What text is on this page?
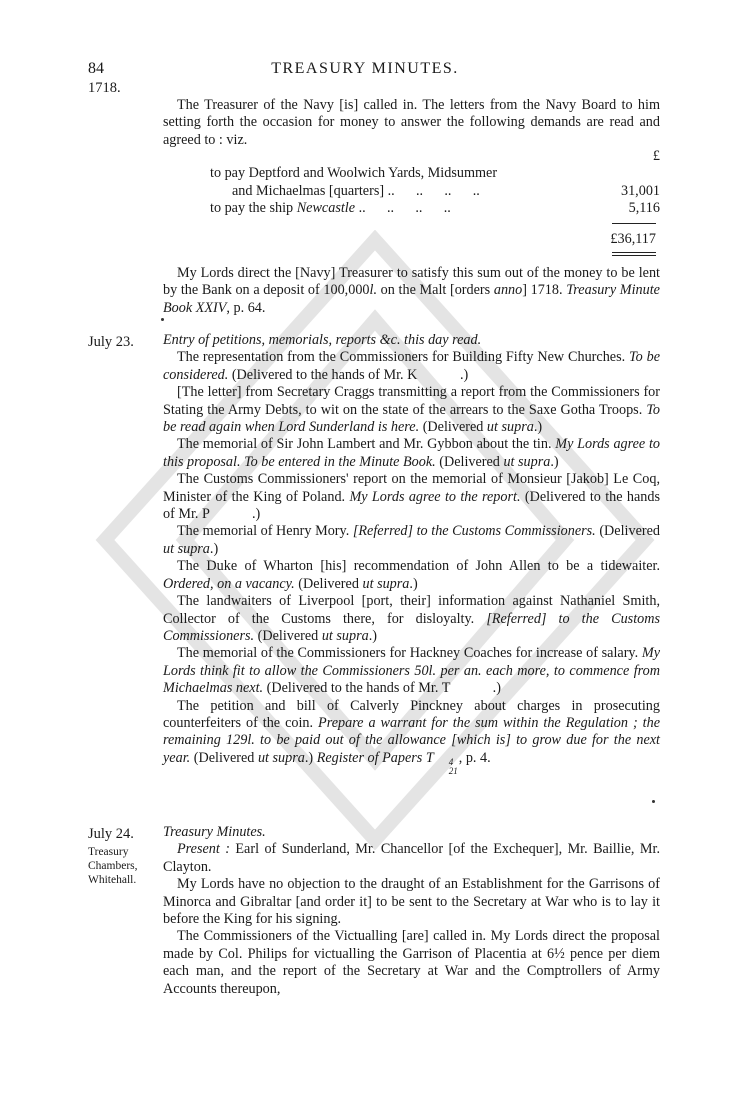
84	TREASURY MINUTES.
1718.

The Treasurer of the Navy [is] called in. The letters from the Navy Board to him setting forth the occasion for money to answer the following demands are read and agreed to : viz.

£
to pay Deptford and Woolwich Yards, Midsummer
and Michaelmas [quarters] ..      ..      ..      ..	31,001
to pay the ship Newcastle ..      ..      ..      ..	5,116
£36,117

My Lords direct the [Navy] Treasurer to satisfy this sum out of the money to be lent by the Bank on a deposit of 100,000l. on the Malt [orders anno] 1718. Treasury Minute Book XXIV, p. 64.

July 23. Entry of petitions, memorials, reports &c. this day read.

The representation from the Commissioners for Building Fifty New Churches. To be considered. (Delivered to the hands of Mr. K            .)

[The letter] from Secretary Craggs transmitting a report from the Commissioners for Stating the Army Debts, to wit on the state of the arrears to the Saxe Gotha Troops. To be read again when Lord Sunderland is here. (Delivered ut supra.)

The memorial of Sir John Lambert and Mr. Gybbon about the tin. My Lords agree to this proposal. To be entered in the Minute Book. (Delivered ut supra.)

The Customs Commissioners' report on the memorial of Monsieur [Jakob] Le Coq, Minister of the King of Poland. My Lords agree to the report. (Delivered to the hands of Mr. P            .)

The memorial of Henry Mory. [Referred] to the Customs Commissioners. (Delivered ut supra.)

The Duke of Wharton [his] recommendation of John Allen to be a tidewaiter. Ordered, on a vacancy. (Delivered ut supra.)

The landwaiters of Liverpool [port, their] information against Nathaniel Smith, Collector of the Customs there, for disloyalty. [Referred] to the Customs Commissioners. (Delivered ut supra.)

The memorial of the Commissioners for Hackney Coaches for increase of salary. My Lords think fit to allow the Commissioners 50l. per an. each more, to commence from Michaelmas next. (Delivered to the hands of Mr. T            .)

The petition and bill of Calverly Pinckney about charges in prosecuting counterfeiters of the coin. Prepare a warrant for the sum within the Regulation ; the remaining 129l. to be paid out of the allowance [which is] to grow due for the next year. (Delivered ut supra.) Register of Papers T	4
21
, p. 4.

July 24.
Treasury
Chambers,
Whitehall.

Treasury Minutes.

Present : Earl of Sunderland, Mr. Chancellor [of the Exchequer], Mr. Baillie, Mr. Clayton.

My Lords have no objection to the draught of an Establishment for the Garrisons of Minorca and Gibraltar [and order it] to be sent to the Secretary at War who is to lay it before the King for his signing.

The Commissioners of the Victualling [are] called in. My Lords direct the proposal made by Col. Philips for victualling the Garrison of Placentia at 6½ pence per diem each man, and the report of the Secretary at War and the Comptrollers of Army Accounts thereupon,
